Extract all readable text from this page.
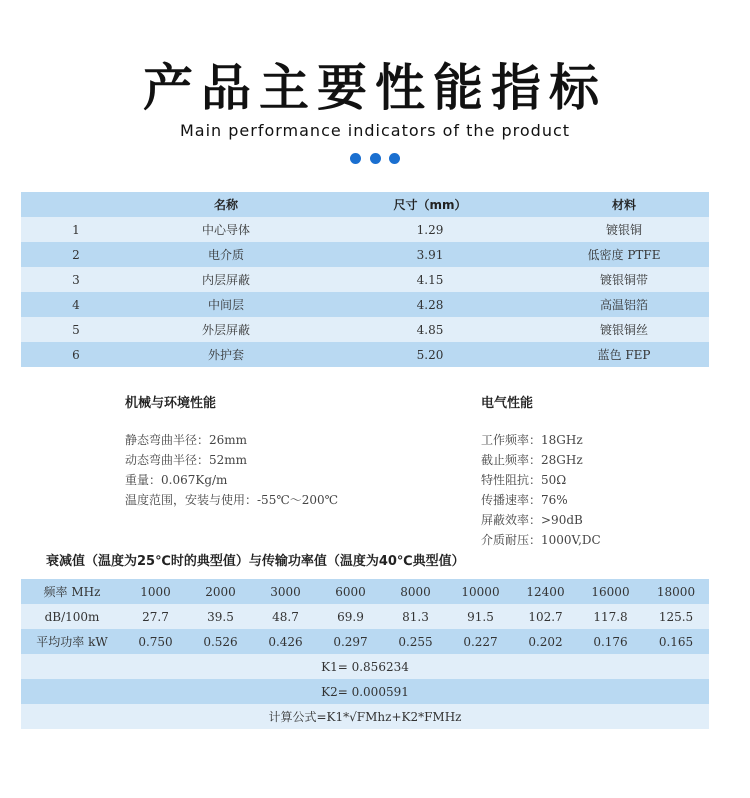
产品主要性能指标
Main performance indicators of the product
	名称	尺寸（mm）	材料
1	中心导体	1.29	镀银铜
2	电介质	3.91	低密度 PTFE
3	内层屏蔽	4.15	镀银铜带
4	中间层	4.28	高温铝箔
5	外层屏蔽	4.85	镀银铜丝
6	外护套	5.20	蓝色 FEP
机械与环境性能
静态弯曲半径：26mm
动态弯曲半径：52mm
重量：0.067Kg/m
温度范围，安装与使用：-55℃～200℃
电气性能
工作频率：18GHz
截止频率：28GHz
特性阻抗：50Ω
传播速率：76%
屏蔽效率：>90dB
介质耐压：1000V,DC
衰减值（温度为25℃时的典型值）与传输功率值（温度为40℃典型值）
频率 MHz	1000	2000	3000	6000	8000	10000	12400	16000	18000
dB/100m	27.7	39.5	48.7	69.9	81.3	91.5	102.7	117.8	125.5
平均功率 kW	0.750	0.526	0.426	0.297	0.255	0.227	0.202	0.176	0.165
K1= 0.856234									
K2= 0.000591									
计算公式=K1*√FMhz+K2*FMHz									
